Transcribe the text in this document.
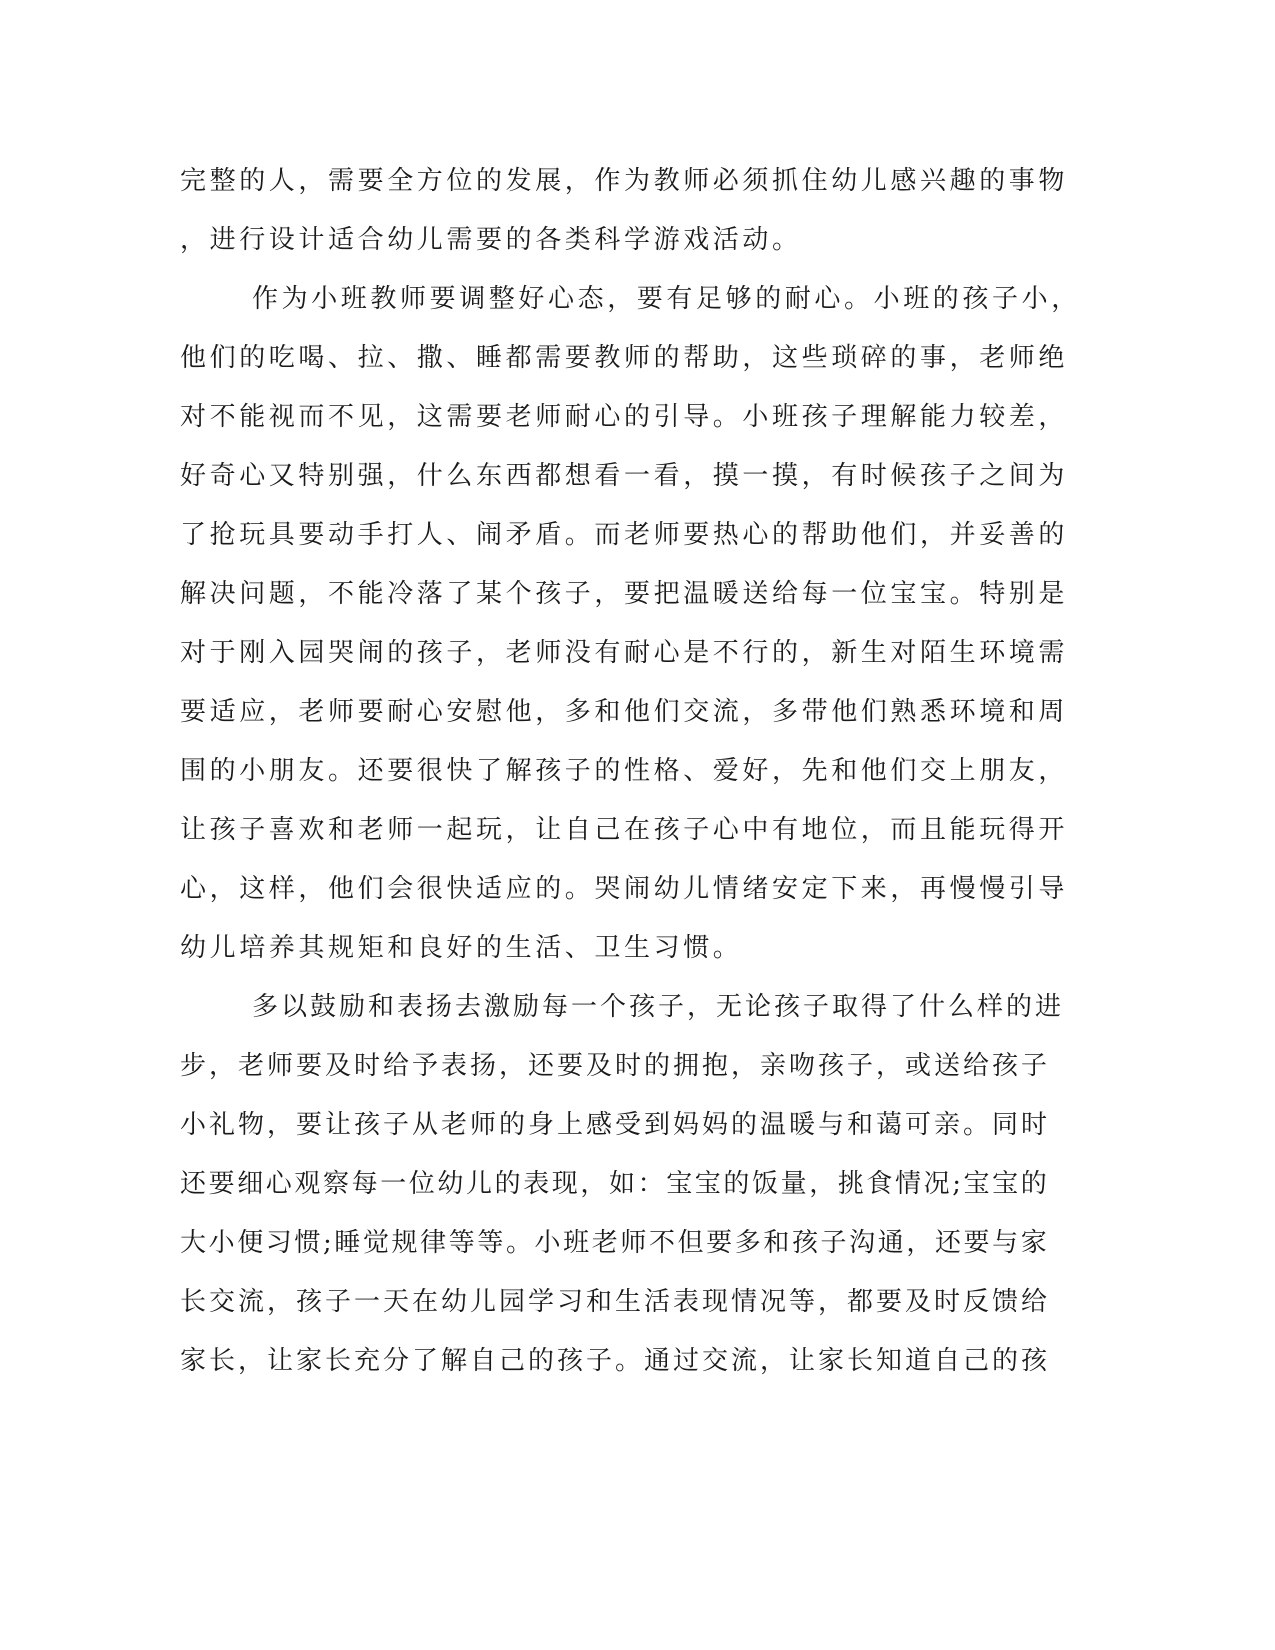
完整的人，需要全方位的发展，作为教师必须抓住幼儿感兴趣的事物
，进行设计适合幼儿需要的各类科学游戏活动。
作为小班教师要调整好心态，要有足够的耐心。小班的孩子小，
他们的吃喝、拉、撒、睡都需要教师的帮助，这些琐碎的事，老师绝
对不能视而不见，这需要老师耐心的引导。小班孩子理解能力较差，
好奇心又特别强，什么东西都想看一看，摸一摸，有时候孩子之间为
了抢玩具要动手打人、闹矛盾。而老师要热心的帮助他们，并妥善的
解决问题，不能冷落了某个孩子，要把温暖送给每一位宝宝。特别是
对于刚入园哭闹的孩子，老师没有耐心是不行的，新生对陌生环境需
要适应，老师要耐心安慰他，多和他们交流，多带他们熟悉环境和周
围的小朋友。还要很快了解孩子的性格、爱好，先和他们交上朋友，
让孩子喜欢和老师一起玩，让自己在孩子心中有地位，而且能玩得开
心，这样，他们会很快适应的。哭闹幼儿情绪安定下来，再慢慢引导
幼儿培养其规矩和良好的生活、卫生习惯。
多以鼓励和表扬去激励每一个孩子，无论孩子取得了什么样的进
步，老师要及时给予表扬，还要及时的拥抱，亲吻孩子，或送给孩子
小礼物，要让孩子从老师的身上感受到妈妈的温暖与和蔼可亲。同时
还要细心观察每一位幼儿的表现，如：宝宝的饭量，挑食情况;宝宝的
大小便习惯;睡觉规律等等。小班老师不但要多和孩子沟通，还要与家
长交流，孩子一天在幼儿园学习和生活表现情况等，都要及时反馈给
家长，让家长充分了解自己的孩子。通过交流，让家长知道自己的孩
